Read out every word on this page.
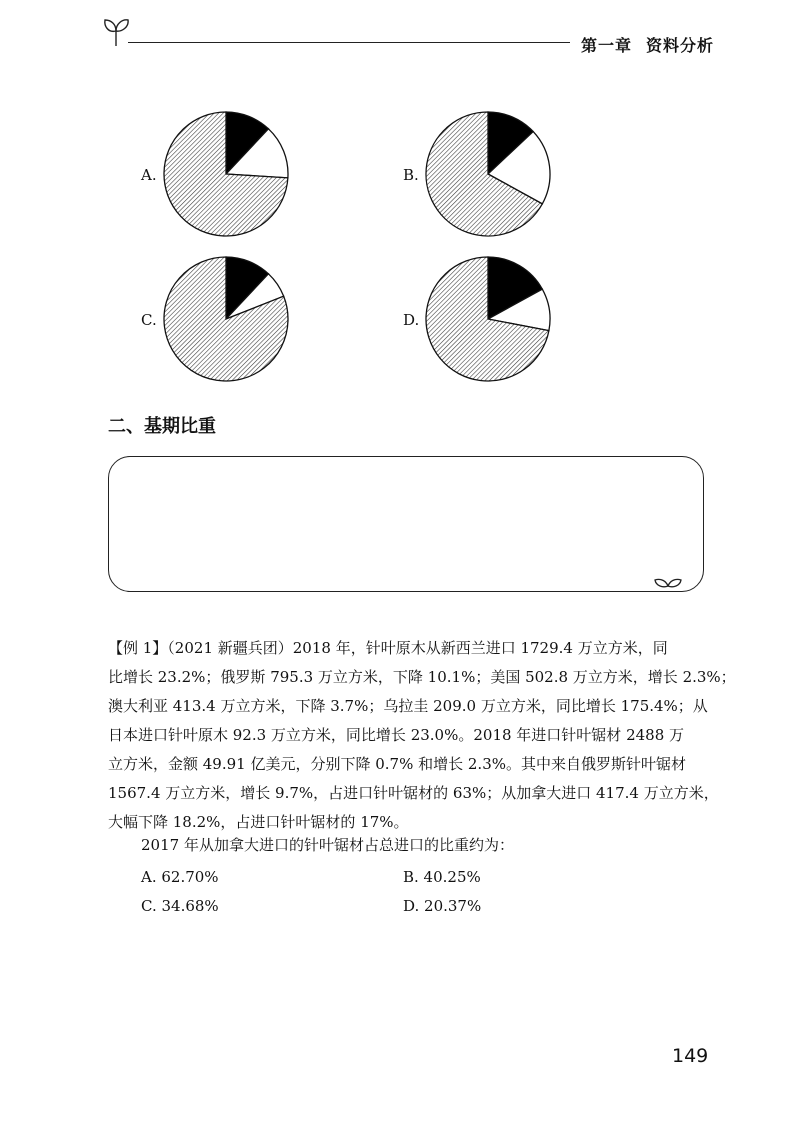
第一章 资料分析
A.	B.
C.	D.
二、基期比重
【例 1】（2021 新疆兵团）2018 年，针叶原木从新西兰进口 1729.4 万立方米，同
比增长 23.2%；俄罗斯 795.3 万立方米，下降 10.1%；美国 502.8 万立方米，增长 2.3%；
澳大利亚 413.4 万立方米，下降 3.7%；乌拉圭 209.0 万立方米，同比增长 175.4%；从
日本进口针叶原木 92.3 万立方米，同比增长 23.0%。2018 年进口针叶锯材 2488 万
立方米，金额 49.91 亿美元，分别下降 0.7% 和增长 2.3%。其中来自俄罗斯针叶锯材
1567.4 万立方米，增长 9.7%，占进口针叶锯材的 63%；从加拿大进口 417.4 万立方米，
大幅下降 18.2%，占进口针叶锯材的 17%。
2017 年从加拿大进口的针叶锯材占总进口的比重约为：
A. 62.70%	B. 40.25%
C. 34.68%	D. 20.37%
149
